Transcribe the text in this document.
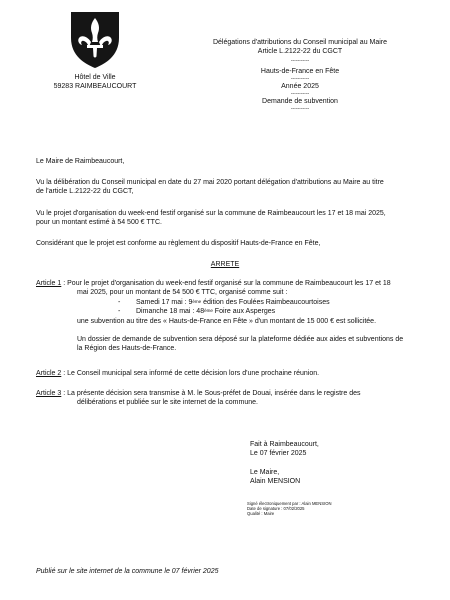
Hôtel de Ville
59283 RAIMBEAUCOURT
Délégations d'attributions du Conseil municipal au Maire
Article L.2122-22 du CGCT
-----------
Hauts-de-France en Fête
-----------
Année 2025
-----------
Demande de subvention
-----------
Le Maire de Raimbeaucourt,
Vu la délibération du Conseil municipal en date du 27 mai 2020 portant délégation d'attributions au Maire au titre
de l'article L.2122-22 du CGCT,
Vu le projet d'organisation du week-end festif organisé sur la commune de Raimbeaucourt les 17 et 18 mai 2025,
pour un montant estimé à 54 500 € TTC.
Considérant que le projet est conforme au règlement du dispositif Hauts-de-France en Fête,
ARRETE
Article 1 : Pour le projet d'organisation du week-end festif organisé sur la commune de Raimbeaucourt les 17 et 18
mai 2025, pour un montant de 54 500 € TTC, organisé comme suit :
- Samedi 17 mai : 9ème édition des Foulées Raimbeaucourtoises
- Dimanche 18 mai : 48ème Foire aux Asperges
une subvention au titre des « Hauts-de-France en Fête » d'un montant de 15 000 € est sollicitée.
Un dossier de demande de subvention sera déposé sur la plateforme dédiée aux aides et subventions de
la Région des Hauts-de-France.
Article 2 : Le Conseil municipal sera informé de cette décision lors d'une prochaine réunion.
Article 3 : La présente décision sera transmise à M. le Sous-préfet de Douai, insérée dans le registre des
délibérations et publiée sur le site internet de la commune.
Fait à Raimbeaucourt,
Le 07 février 2025
Le Maire,
Alain MENSION
Signé électroniquement par : Alain MENSION
Date de signature : 07/02/2025
Qualité : Maire
Publié sur le site internet de la commune le 07 février 2025
